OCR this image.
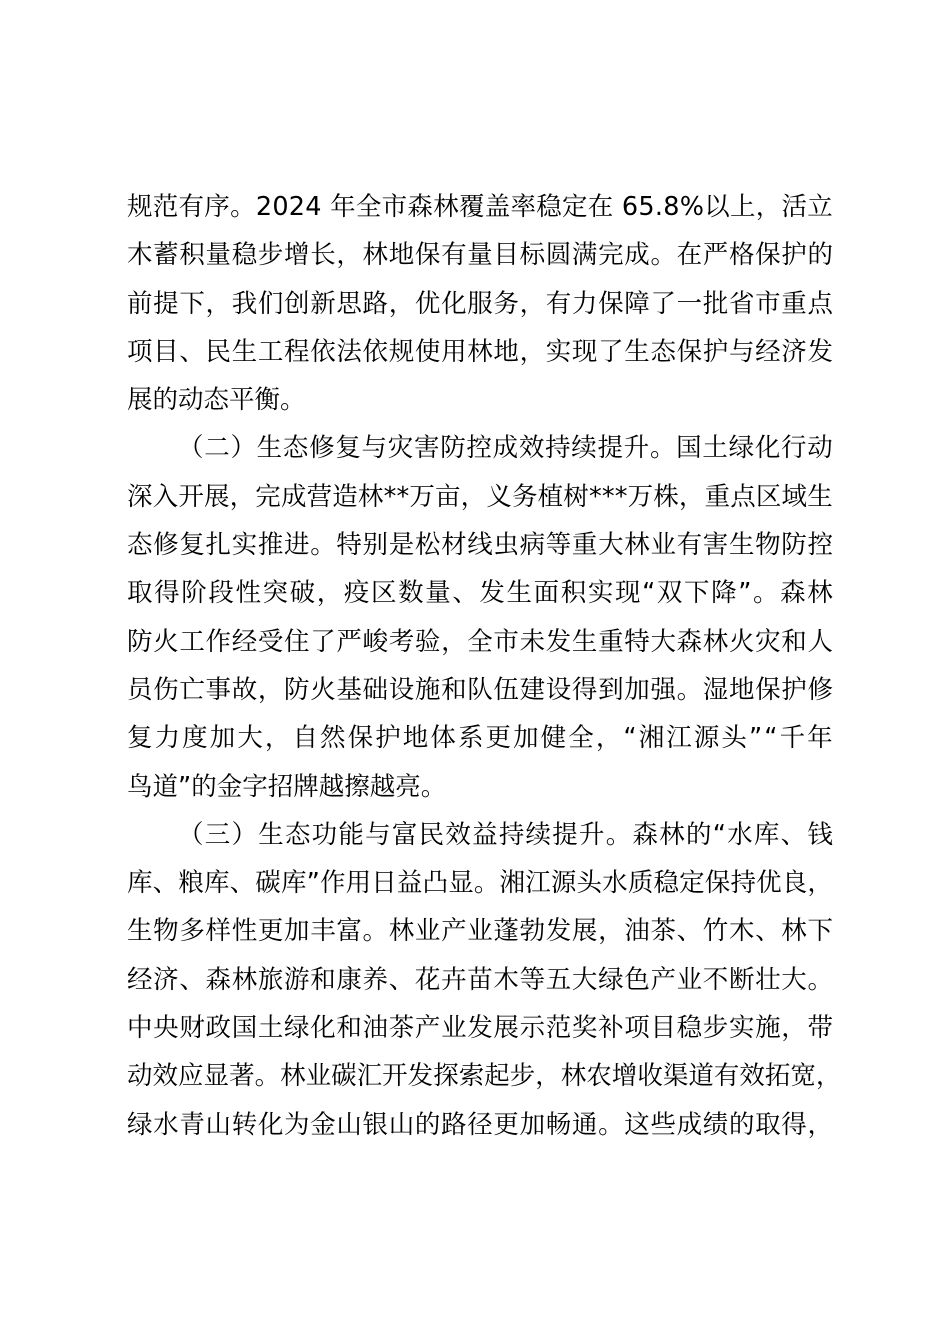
规 范 有 序 。 2 0 2 4
年 全 市 森 林 覆 盖 率 稳 定 在
6 5 . 8 % 以 上 ， 活 立
木 蓄 积 量 稳 步 增 长 ， 林 地 保 有 量 目 标 圆 满 完 成 。 在 严 格 保 护 的
前 提 下 ， 我 们 创 新 思 路 ， 优 化 服 务 ， 有 力 保 障 了 一 批 省 市 重 点
项 目 、 民 生 工 程 依 法 依 规 使 用 林 地 ， 实 现 了 生 态 保 护 与 经 济 发
展的动态平衡。
（ 二 ） 生 态 修 复 与 灾 害 防 控 成 效 持 续 提 升 。 国 土 绿 化 行 动
深 入 开 展 ， 完 成 营 造 林 * * 万 亩 ， 义 务 植 树 * * * 万 株 ， 重 点 区 域 生
态 修 复 扎 实 推 进 。 特 别 是 松 材 线 虫 病 等 重 大 林 业 有 害 生 物 防 控
取 得 阶 段 性 突 破 ， 疫 区 数 量 、 发 生 面 积 实 现 “ 双 下 降 ” 。 森 林
防 火 工 作 经 受 住 了 严 峻 考 验 ， 全 市 未 发 生 重 特 大 森 林 火 灾 和 人
员 伤 亡 事 故 ， 防 火 基 础 设 施 和 队 伍 建 设 得 到 加 强 。 湿 地 保 护 修
复 力 度 加 大 ， 自 然 保 护 地 体 系 更 加 健 全 ， “ 湘 江 源 头 ” “ 千 年
鸟道”的金字招牌越擦越亮。
（ 三 ） 生 态 功 能 与 富 民 效 益 持 续 提 升 。 森 林 的 “ 水 库 、 钱
库 、 粮 库 、 碳 库 ” 作 用 日 益 凸 显 。 湘 江 源 头 水 质 稳 定 保 持 优 良 ，
生 物 多 样 性 更 加 丰 富 。 林 业 产 业 蓬 勃 发 展 ， 油 茶 、 竹 木 、 林 下
经 济 、 森 林 旅 游 和 康 养 、 花 卉 苗 木 等 五 大 绿 色 产 业 不 断 壮 大 。
中 央 财 政 国 土 绿 化 和 油 茶 产 业 发 展 示 范 奖 补 项 目 稳 步 实 施 ， 带
动 效 应 显 著 。 林 业 碳 汇 开 发 探 索 起 步 ， 林 农 增 收 渠 道 有 效 拓 宽 ，
绿 水 青 山 转 化 为 金 山 银 山 的 路 径 更 加 畅 通 。 这 些 成 绩 的 取 得 ，
